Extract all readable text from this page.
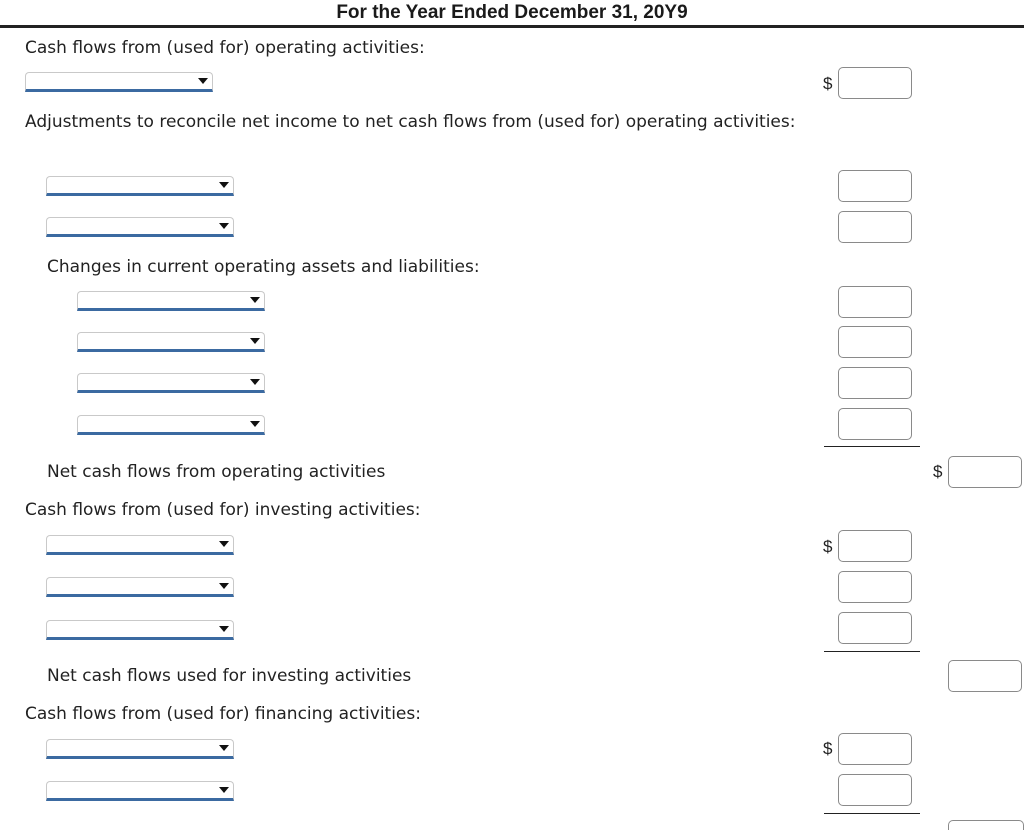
For the Year Ended December 31, 20Y9
Cash flows from (used for) operating activities:
$
Adjustments to reconcile net income to net cash flows from (used for) operating activities:
Changes in current operating assets and liabilities:
Net cash flows from operating activities	$
Cash flows from (used for) investing activities:
$
Net cash flows used for investing activities
Cash flows from (used for) financing activities:
$
